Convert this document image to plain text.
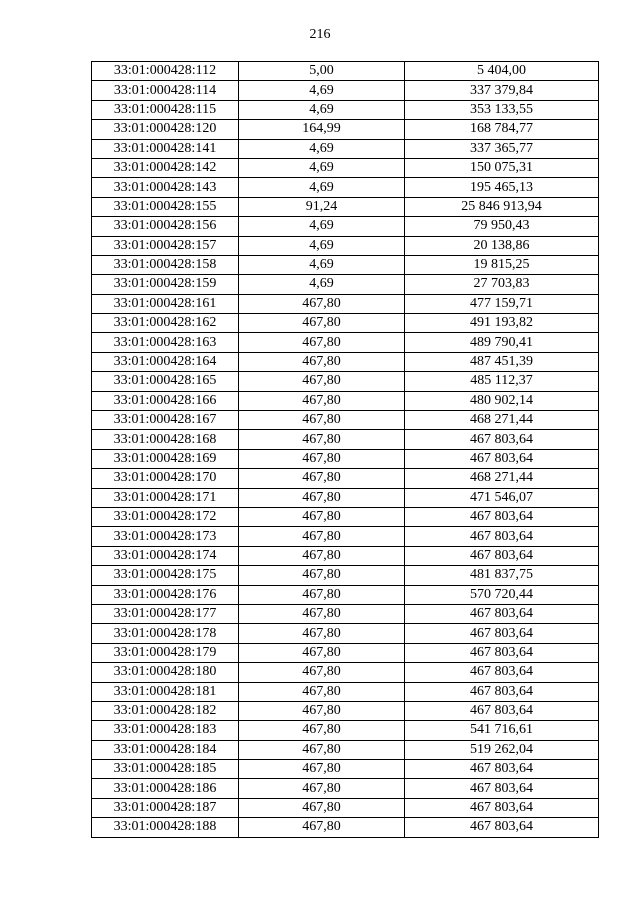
216
33:01:000428:112	5,00	5 404,00
33:01:000428:114	4,69	337 379,84
33:01:000428:115	4,69	353 133,55
33:01:000428:120	164,99	168 784,77
33:01:000428:141	4,69	337 365,77
33:01:000428:142	4,69	150 075,31
33:01:000428:143	4,69	195 465,13
33:01:000428:155	91,24	25 846 913,94
33:01:000428:156	4,69	79 950,43
33:01:000428:157	4,69	20 138,86
33:01:000428:158	4,69	19 815,25
33:01:000428:159	4,69	27 703,83
33:01:000428:161	467,80	477 159,71
33:01:000428:162	467,80	491 193,82
33:01:000428:163	467,80	489 790,41
33:01:000428:164	467,80	487 451,39
33:01:000428:165	467,80	485 112,37
33:01:000428:166	467,80	480 902,14
33:01:000428:167	467,80	468 271,44
33:01:000428:168	467,80	467 803,64
33:01:000428:169	467,80	467 803,64
33:01:000428:170	467,80	468 271,44
33:01:000428:171	467,80	471 546,07
33:01:000428:172	467,80	467 803,64
33:01:000428:173	467,80	467 803,64
33:01:000428:174	467,80	467 803,64
33:01:000428:175	467,80	481 837,75
33:01:000428:176	467,80	570 720,44
33:01:000428:177	467,80	467 803,64
33:01:000428:178	467,80	467 803,64
33:01:000428:179	467,80	467 803,64
33:01:000428:180	467,80	467 803,64
33:01:000428:181	467,80	467 803,64
33:01:000428:182	467,80	467 803,64
33:01:000428:183	467,80	541 716,61
33:01:000428:184	467,80	519 262,04
33:01:000428:185	467,80	467 803,64
33:01:000428:186	467,80	467 803,64
33:01:000428:187	467,80	467 803,64
33:01:000428:188	467,80	467 803,64
